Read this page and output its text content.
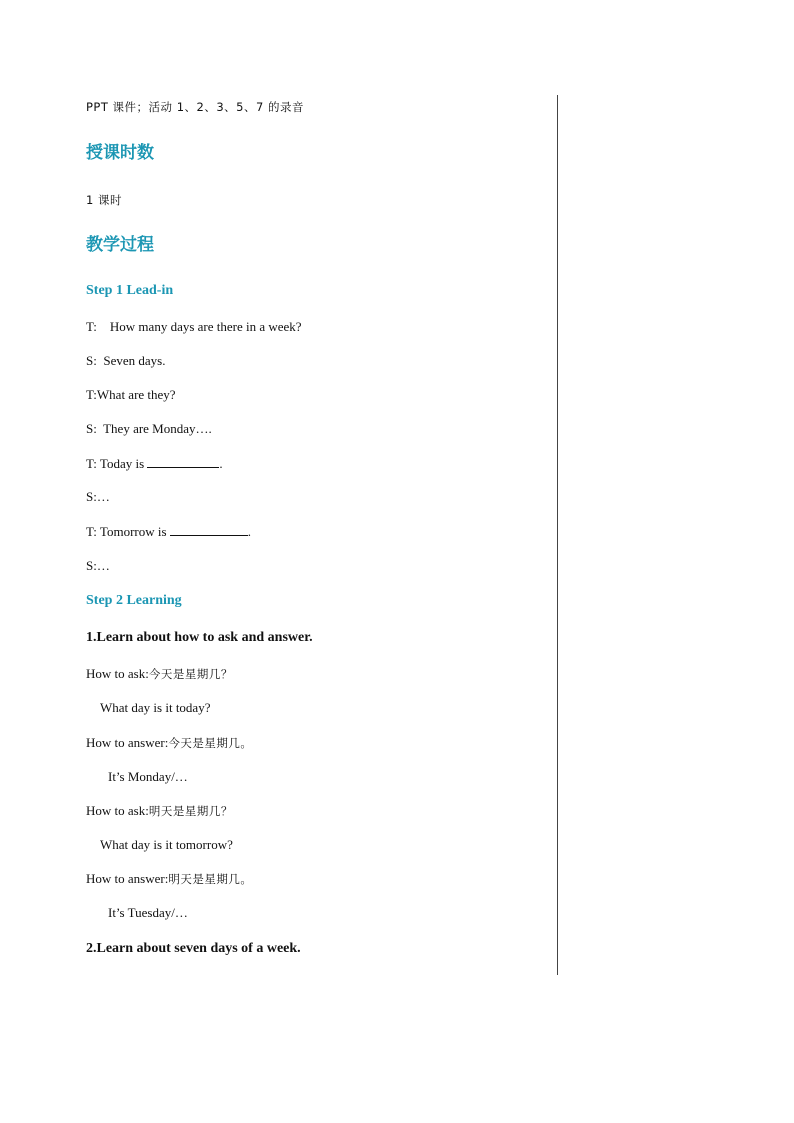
PPT 课件；活动 1、2、3、5、7 的录音
授课时数
1 课时
教学过程
Step 1 Lead-in
T:    How many days are there in a week?
S:  Seven days.
T:What are they?
S:  They are Monday….
T: Today is	.
S:…
T: Tomorrow is	.
S:…
Step 2 Learning
1.Learn about how to ask and answer.
How to ask:今天是星期几？
What day is it today?
How to answer:今天是星期几。
It’s Monday/…
How to ask:明天是星期几？
What day is it tomorrow?
How to answer:明天是星期几。
It’s Tuesday/…
2.Learn about seven days of a week.
